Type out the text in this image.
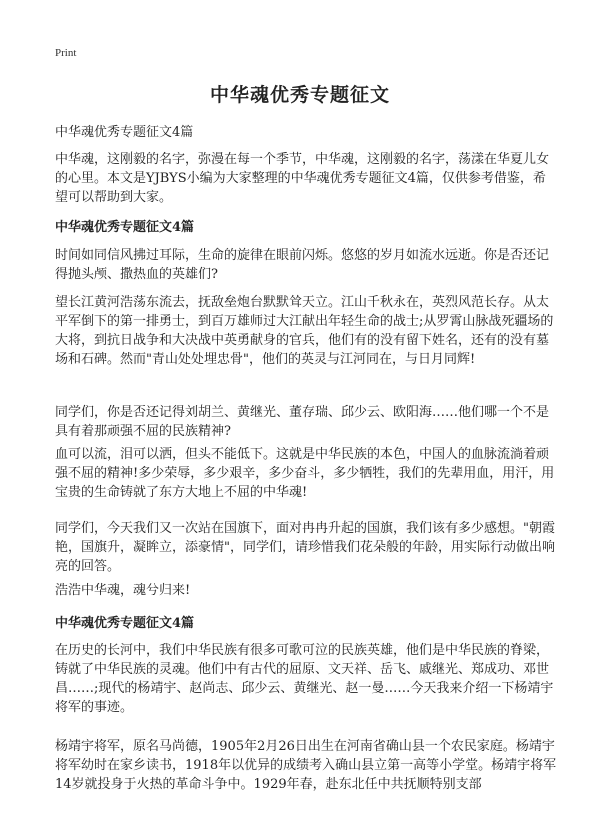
Print
中华魂优秀专题征文
中华魂优秀专题征文4篇
中华魂，这刚毅的名字，弥漫在每一个季节，中华魂，这刚毅的名字，荡漾在华夏儿女的心里。本文是YJBYS小编为大家整理的中华魂优秀专题征文4篇，仅供参考借鉴，希望可以帮助到大家。
中华魂优秀专题征文4篇
时间如同信风拂过耳际，生命的旋律在眼前闪烁。悠悠的岁月如流水远逝。你是否还记得抛头颅、撒热血的英雄们?
望长江黄河浩荡东流去，抚敌垒炮台默默耸天立。江山千秋永在，英烈风范长存。从太平军倒下的第一排勇士，到百万雄师过大江献出年轻生命的战士;从罗霄山脉战死疆场的大将，到抗日战争和大决战中英勇献身的官兵，他们有的没有留下姓名，还有的没有墓场和石碑。然而"青山处处埋忠骨"，他们的英灵与江河同在，与日月同辉!
同学们，你是否还记得刘胡兰、黄继光、董存瑞、邱少云、欧阳海……他们哪一个不是具有着那顽强不屈的民族精神?
血可以流，泪可以洒，但头不能低下。这就是中华民族的本色，中国人的血脉流淌着顽强不屈的精神!多少荣辱，多少艰辛，多少奋斗，多少牺牲，我们的先辈用血，用汗，用宝贵的生命铸就了东方大地上不屈的中华魂!
同学们，今天我们又一次站在国旗下，面对冉冉升起的国旗，我们该有多少感想。"朝霞艳，国旗升，凝眸立，添豪情"，同学们，请珍惜我们花朵般的年龄，用实际行动做出响亮的回答。
浩浩中华魂，魂兮归来!
中华魂优秀专题征文4篇
在历史的长河中，我们中华民族有很多可歌可泣的民族英雄，他们是中华民族的脊梁，铸就了中华民族的灵魂。他们中有古代的屈原、文天祥、岳飞、戚继光、郑成功、邓世昌……;现代的杨靖宇、赵尚志、邱少云、黄继光、赵一曼……今天我来介绍一下杨靖宇将军的事迹。
杨靖宇将军，原名马尚德，1905年2月26日出生在河南省确山县一个农民家庭。杨靖宇将军幼时在家乡读书，1918年以优异的成绩考入确山县立第一高等小学堂。杨靖宇将军14岁就投身于火热的革命斗争中。1929年春，赴东北任中共抚顺特别支部
